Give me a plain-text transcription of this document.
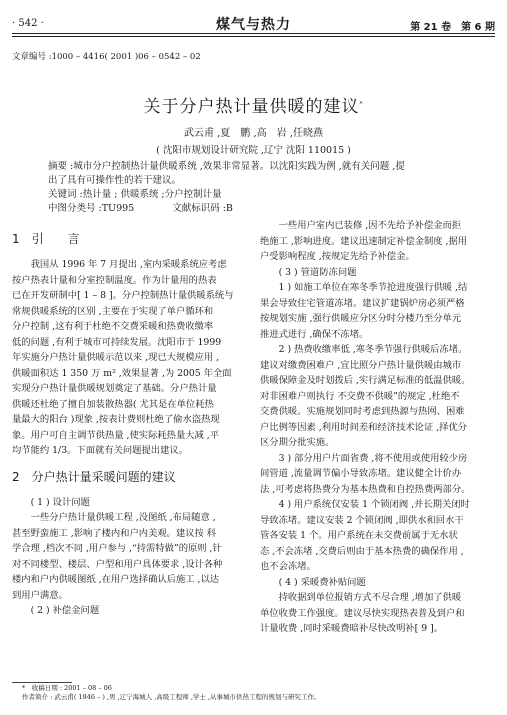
· 542 ·	煤气与热力	第 21 卷　第 6 期
文章编号 :1000 – 4416( 2001 )06 – 0542 – 02
关于分户热计量供暖的建议*
武云甫 ,夏　鹏 ,高　岩 ,任晓燕
( 沈阳市规划设计研究院 ,辽宁 沈阳 110015 )

摘要 :城市分户控制热计量供暖系统 ,效果非常显著。以沈阳实践为例 ,就有关问题 ,提

出了具有可操作性的若干建议。

关键词 :热计量 ; 供暖系统 ;分户控制计量

中图分类号 :TU995　　　　文献标识码 :B

1　引　　言
　　我国从 1996 年 7 月提出 ,室内采暖系统应考虑
按户热表计量和分室控制温度。作为计量用的热表
已在开发研制中[ 1 – 8 ]。分户控制热计量供暖系统与
常规供暖系统的区别 ,主要在于实现了单户循环和
分户控制 ,这有利于杜绝不交费采暖和热费收缴率
低的问题 ,有利于城市可持续发展。沈阳市于 1999
年实施分户热计量供暖示范以来 ,现已大规模应用 ,
供暖面积达 1 350 万 m² ,效果显著 ,为 2005 年全面
实现分户热计量供暖规划奠定了基础。分户热计量
供暖还杜绝了擅自加装散热器( 尤其是在单位耗热
量最大的阳台 )现象 ,按表计费则杜绝了偷水盗热现
象。用户可自主调节供热量 ,使实际耗热量大减 ,平
均节能约 1/3。下面就有关问题提出建议。
2　分户热计量采暖问题的建议
　　( 1 ) 设计问题
　　一些分户热计量供暖工程 ,没图纸 ,布局随意 ,
甚至野蛮施工 ,影响了楼内和户内美观。建议按 科
学合理 ,档次不同 ,用户参与 ,“持需特做”的原则 ,针
对不同楼型、楼层、户型和用户具体要求 ,设计各种
楼内和户内供暖图纸 ,在用户选择确认后施工 ,以达
到用户满意。
　　( 2 ) 补偿金问题
　　一些用户室内已装修 ,因不先给予补偿金而拒
绝施工 ,影响进度。建议迅速制定补偿金制度 ,据用
户受影响程度 ,按规定先给予补偿金。
　　( 3 ) 管道防冻问题
　　1 ) 如施工单位在寒冬季节抢进度强行供暖 ,结
果会导致住宅管道冻堵。建议扩建锅炉房必须严格
按规划实施 ,强行供暖应分区分时分楼乃至分单元
推进式进行 ,确保不冻堵。
　　2 ) 热费收缴率低 ,寒冬季节强行供暖后冻堵。
建议对缴费困难户 ,宜比照分户热计量供暖由城市
供暖保障金及时划拨后 ,实行满足标准的低温供暖。
对非困难户则执行 不交费不供暖”的规定 ,杜绝不
交费供暖。实施规划同时考虑到热源与热网、困难
户比例等因素 ,利用时间差和经济技术论证 ,择优分
区分期分批实施。
　　3 ) 部分用户片面省费 ,将不使用或使用较少房
间管道 ,流量调节偏小导致冻堵。建议健全计价办
法 ,可考虑将热费分为基本热费和自控热费两部分。
　　4 ) 用户系统仅安装 1 个锁闭阀 ,并长期关闭时
导致冻堵。建议安装 2 个锁闭阀 ,即供水和回水干
管各安装 1 个。用户系统在未交费前属于无水状
态 ,不会冻堵 ,交费后则由于基本热费的确保作用 ,
也不会冻堵。
　　( 4 ) 采暖费补贴问题
　　持收据到单位报销方式不尽合理 ,增加了供暖
单位收费工作强度。建议尽快实现热表普及到户和
计量收费 ,同时采暖费暗补尽快改明补[ 9 ]。
*　收稿日期 : 2001 – 08 – 06
作者简介 : 武云甫( 1946 – ) ,男 ,辽宁海城人 ,高级工程师 ,学士 ,从事城市供热工程的规划与研究工作。
